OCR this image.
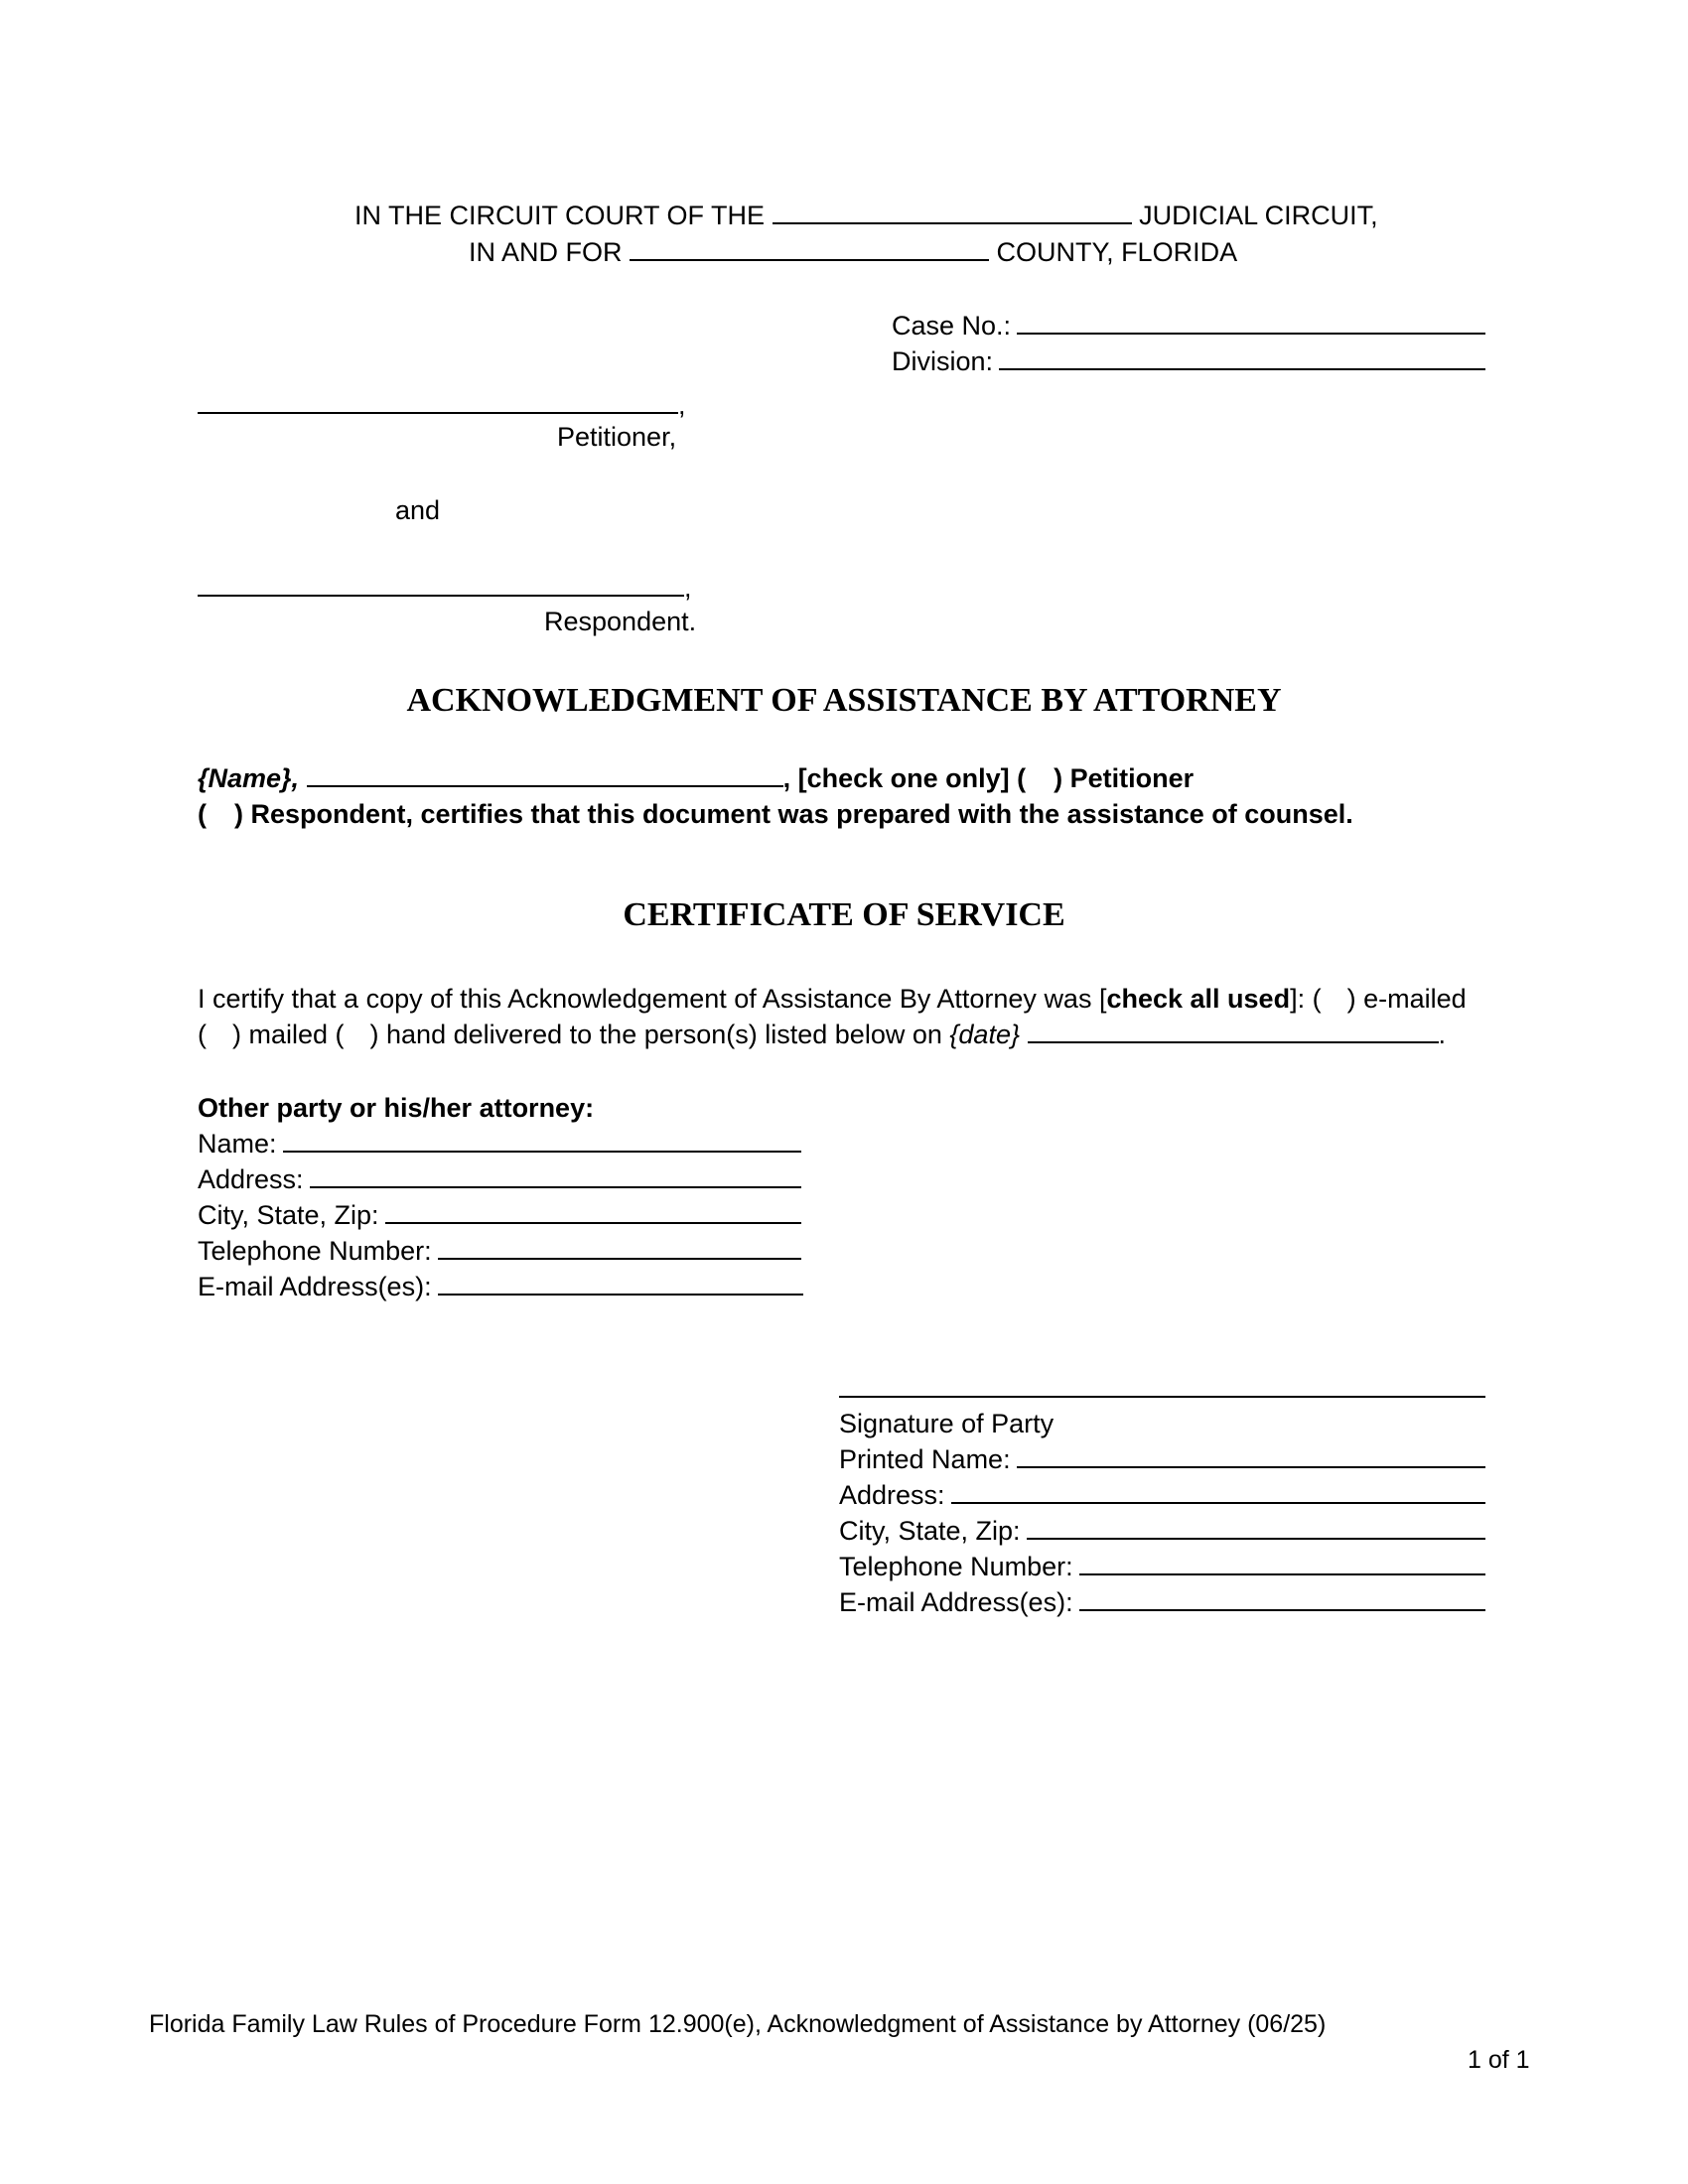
IN THE CIRCUIT COURT OF THE	JUDICIAL CIRCUIT,
IN AND FOR	COUNTY, FLORIDA
Case No.:
Division:
,
Petitioner,
and
,
Respondent.
ACKNOWLEDGMENT OF ASSISTANCE BY ATTORNEY
{Name},	, [check one only] ( ) Petitioner
( ) Respondent, certifies that this document was prepared with the assistance of counsel.
CERTIFICATE OF SERVICE
I certify that a copy of this Acknowledgement of Assistance By Attorney was [check all used]: ( ) e-mailed
( ) mailed ( ) hand delivered to the person(s) listed below on {date}	.
Other party or his/her attorney:
Name:
Address:
City, State, Zip:
Telephone Number:
E-mail Address(es):
Signature of Party
Printed Name:
Address:
City, State, Zip:
Telephone Number:
E-mail Address(es):
Florida Family Law Rules of Procedure Form 12.900(e), Acknowledgment of Assistance by Attorney (06/25)
1 of 1
